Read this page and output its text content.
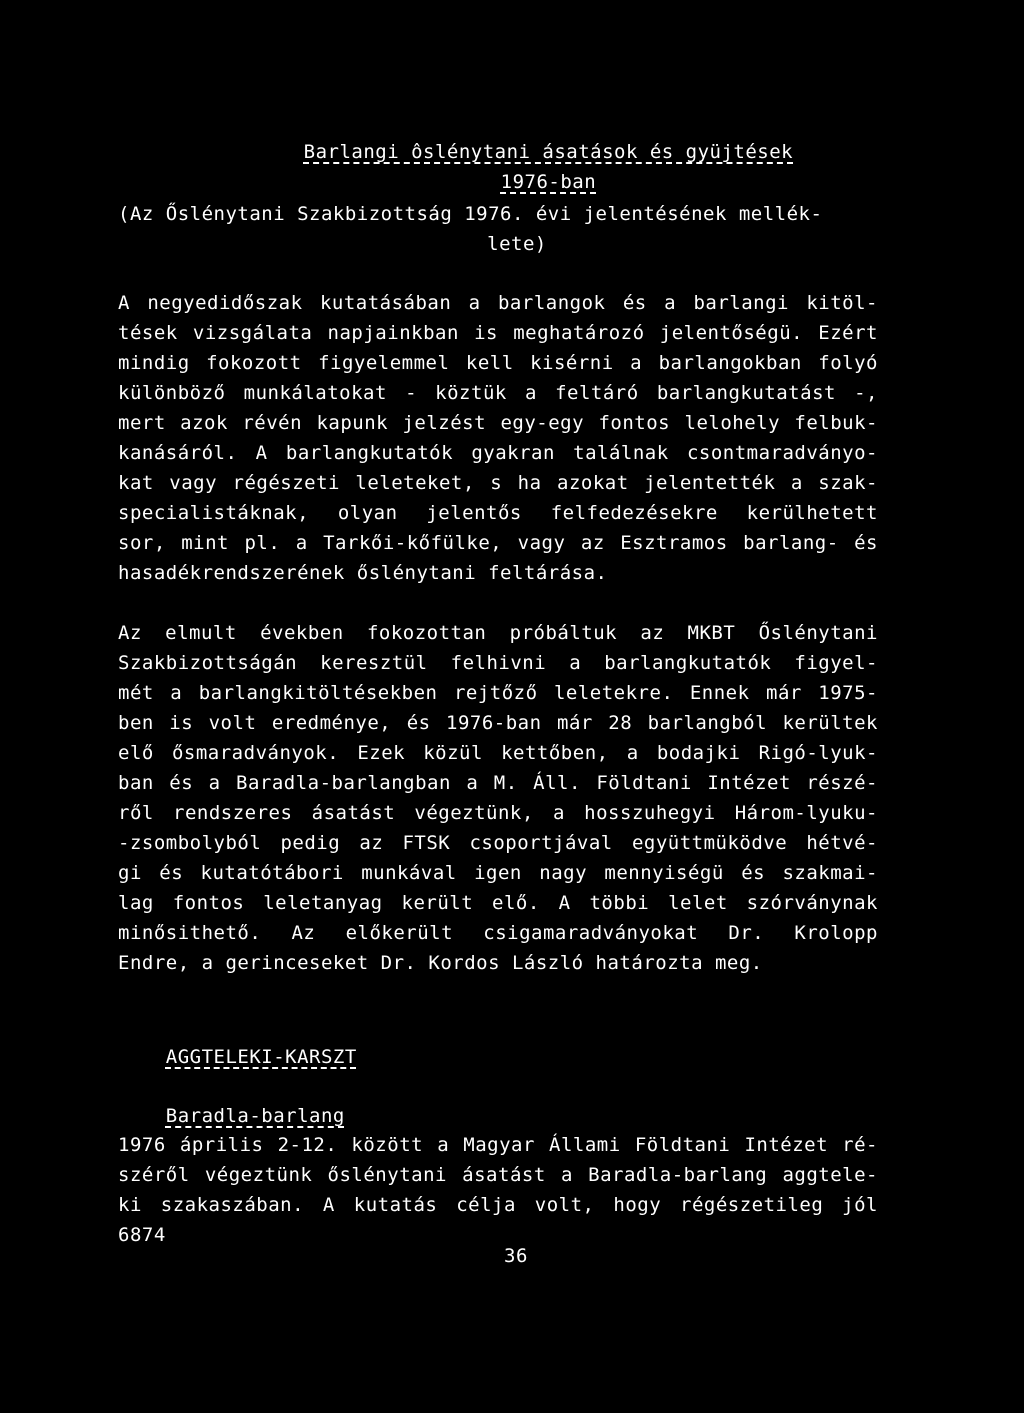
Barlangi ôslénytani ásatások és gyüjtések

1976-ban

(Az Őslénytani Szakbizottság 1976. évi jelentésének mellék-
lete)
A negyedidőszak kutatásában a barlangok és a barlangi kitöl-
tések vizsgálata napjainkban is meghatározó jelentőségü. Ezért
mindig fokozott figyelemmel kell kisérni a barlangokban folyó
különböző munkálatokat - köztük a feltáró barlangkutatást -,
mert azok révén kapunk jelzést egy-egy fontos lelohely felbuk-
kanásáról. A barlangkutatók gyakran találnak csontmaradványo-
kat vagy régészeti leleteket, s ha azokat jelentették a szak-
specialistáknak, olyan jelentős felfedezésekre kerülhetett
sor, mint pl. a Tarkői-kőfülke, vagy az Esztramos barlang- és
hasadékrendszerének őslénytani feltárása.
Az elmult években fokozottan próbáltuk az MKBT Őslénytani
Szakbizottságán keresztül felhivni a barlangkutatók figyel-
mét a barlangkitöltésekben rejtőző leletekre. Ennek már 1975-
ben is volt eredménye, és 1976-ban már 28 barlangból kerültek
elő ősmaradványok. Ezek közül kettőben, a bodajki Rigó-lyuk-
ban és a Baradla-barlangban a M. Áll. Földtani Intézet részé-
ről rendszeres ásatást végeztünk, a hosszuhegyi Három-lyuku-
-zsombolyból pedig az FTSK csoportjával együttmüködve hétvé-
gi és kutatótábori munkával igen nagy mennyiségü és szakmai-
lag fontos leletanyag került elő. A többi lelet szórványnak
minősithető. Az előkerült csigamaradványokat Dr. Krolopp
Endre, a gerinceseket Dr. Kordos László határozta meg.

AGGTELEKI-KARSZT

Baradla-barlang

1976 április 2-12. között a Magyar Állami Földtani Intézet ré-
széről végeztünk őslénytani ásatást a Baradla-barlang aggtele-
ki szakaszában. A kutatás célja volt, hogy régészetileg jól
6874
36
